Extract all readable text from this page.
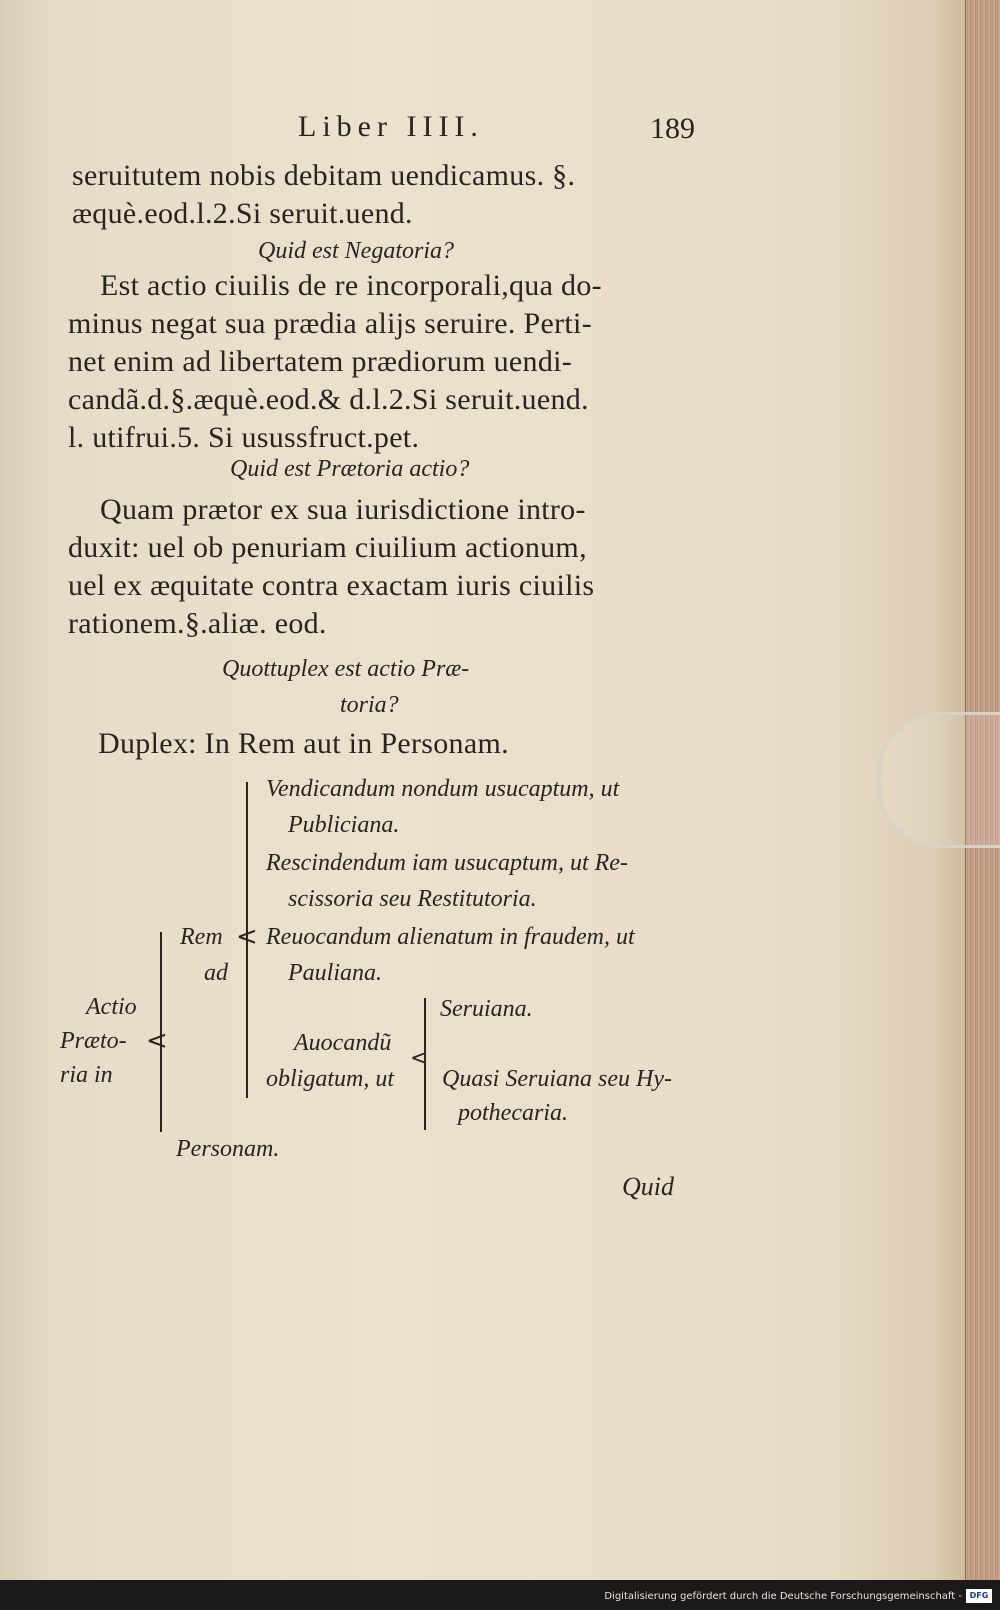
Liber IIII.	189
seruitutem nobis debitam uendicamus. §.
æquè.eod.l.2.Si seruit.uend.
Quid est Negatoria?
Est actio ciuilis de re incorporali,qua do-
minus negat sua prædia alijs seruire. Perti-
net enim ad libertatem prædiorum uendi-
candã.d.§.æquè.eod.& d.l.2.Si seruit.uend.
l. utifrui.5. Si usussfruct.pet.
Quid est Prætoria actio?
Quam prætor ex sua iurisdictione intro-
duxit: uel ob penuriam ciuilium actionum,
uel ex æquitate contra exactam iuris ciuilis
rationem.§.aliæ. eod.
Quottuplex est actio Præ-
toria?
Duplex: In Rem aut in Personam.
Actio
Præto-
ria in
<
Rem
ad
Personam.
<
Vendicandum nondum usucaptum, ut
Publiciana.
Rescindendum iam usucaptum, ut Re-
scissoria seu Restitutoria.
Reuocandum alienatum in fraudem, ut
Pauliana.
Auocandũ
obligatum, ut
<
Seruiana.
Quasi Seruiana seu Hy-
pothecaria.
Quid
Digitalisierung gefördert durch die Deutsche Forschungsgemeinschaft - DFG
